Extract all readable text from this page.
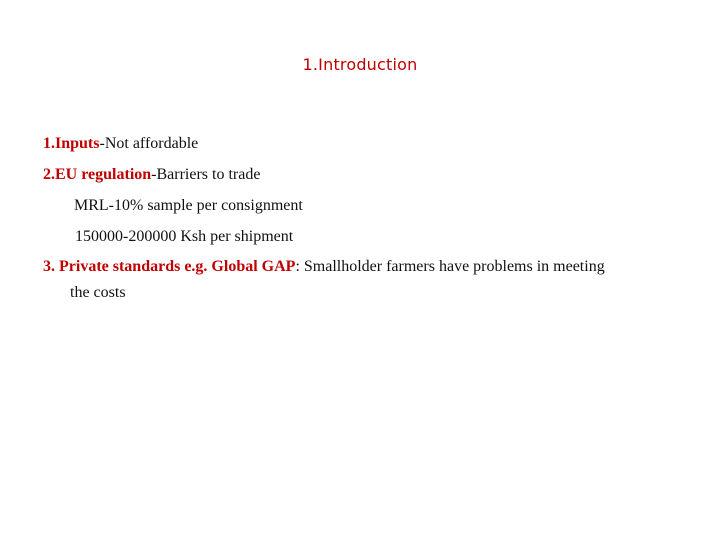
1.Introduction
1.Inputs-Not affordable
2.EU regulation-Barriers to trade
MRL-10% sample per consignment
150000-200000 Ksh per shipment
3. Private standards e.g. Global GAP: Smallholder farmers have problems in meeting
the costs
